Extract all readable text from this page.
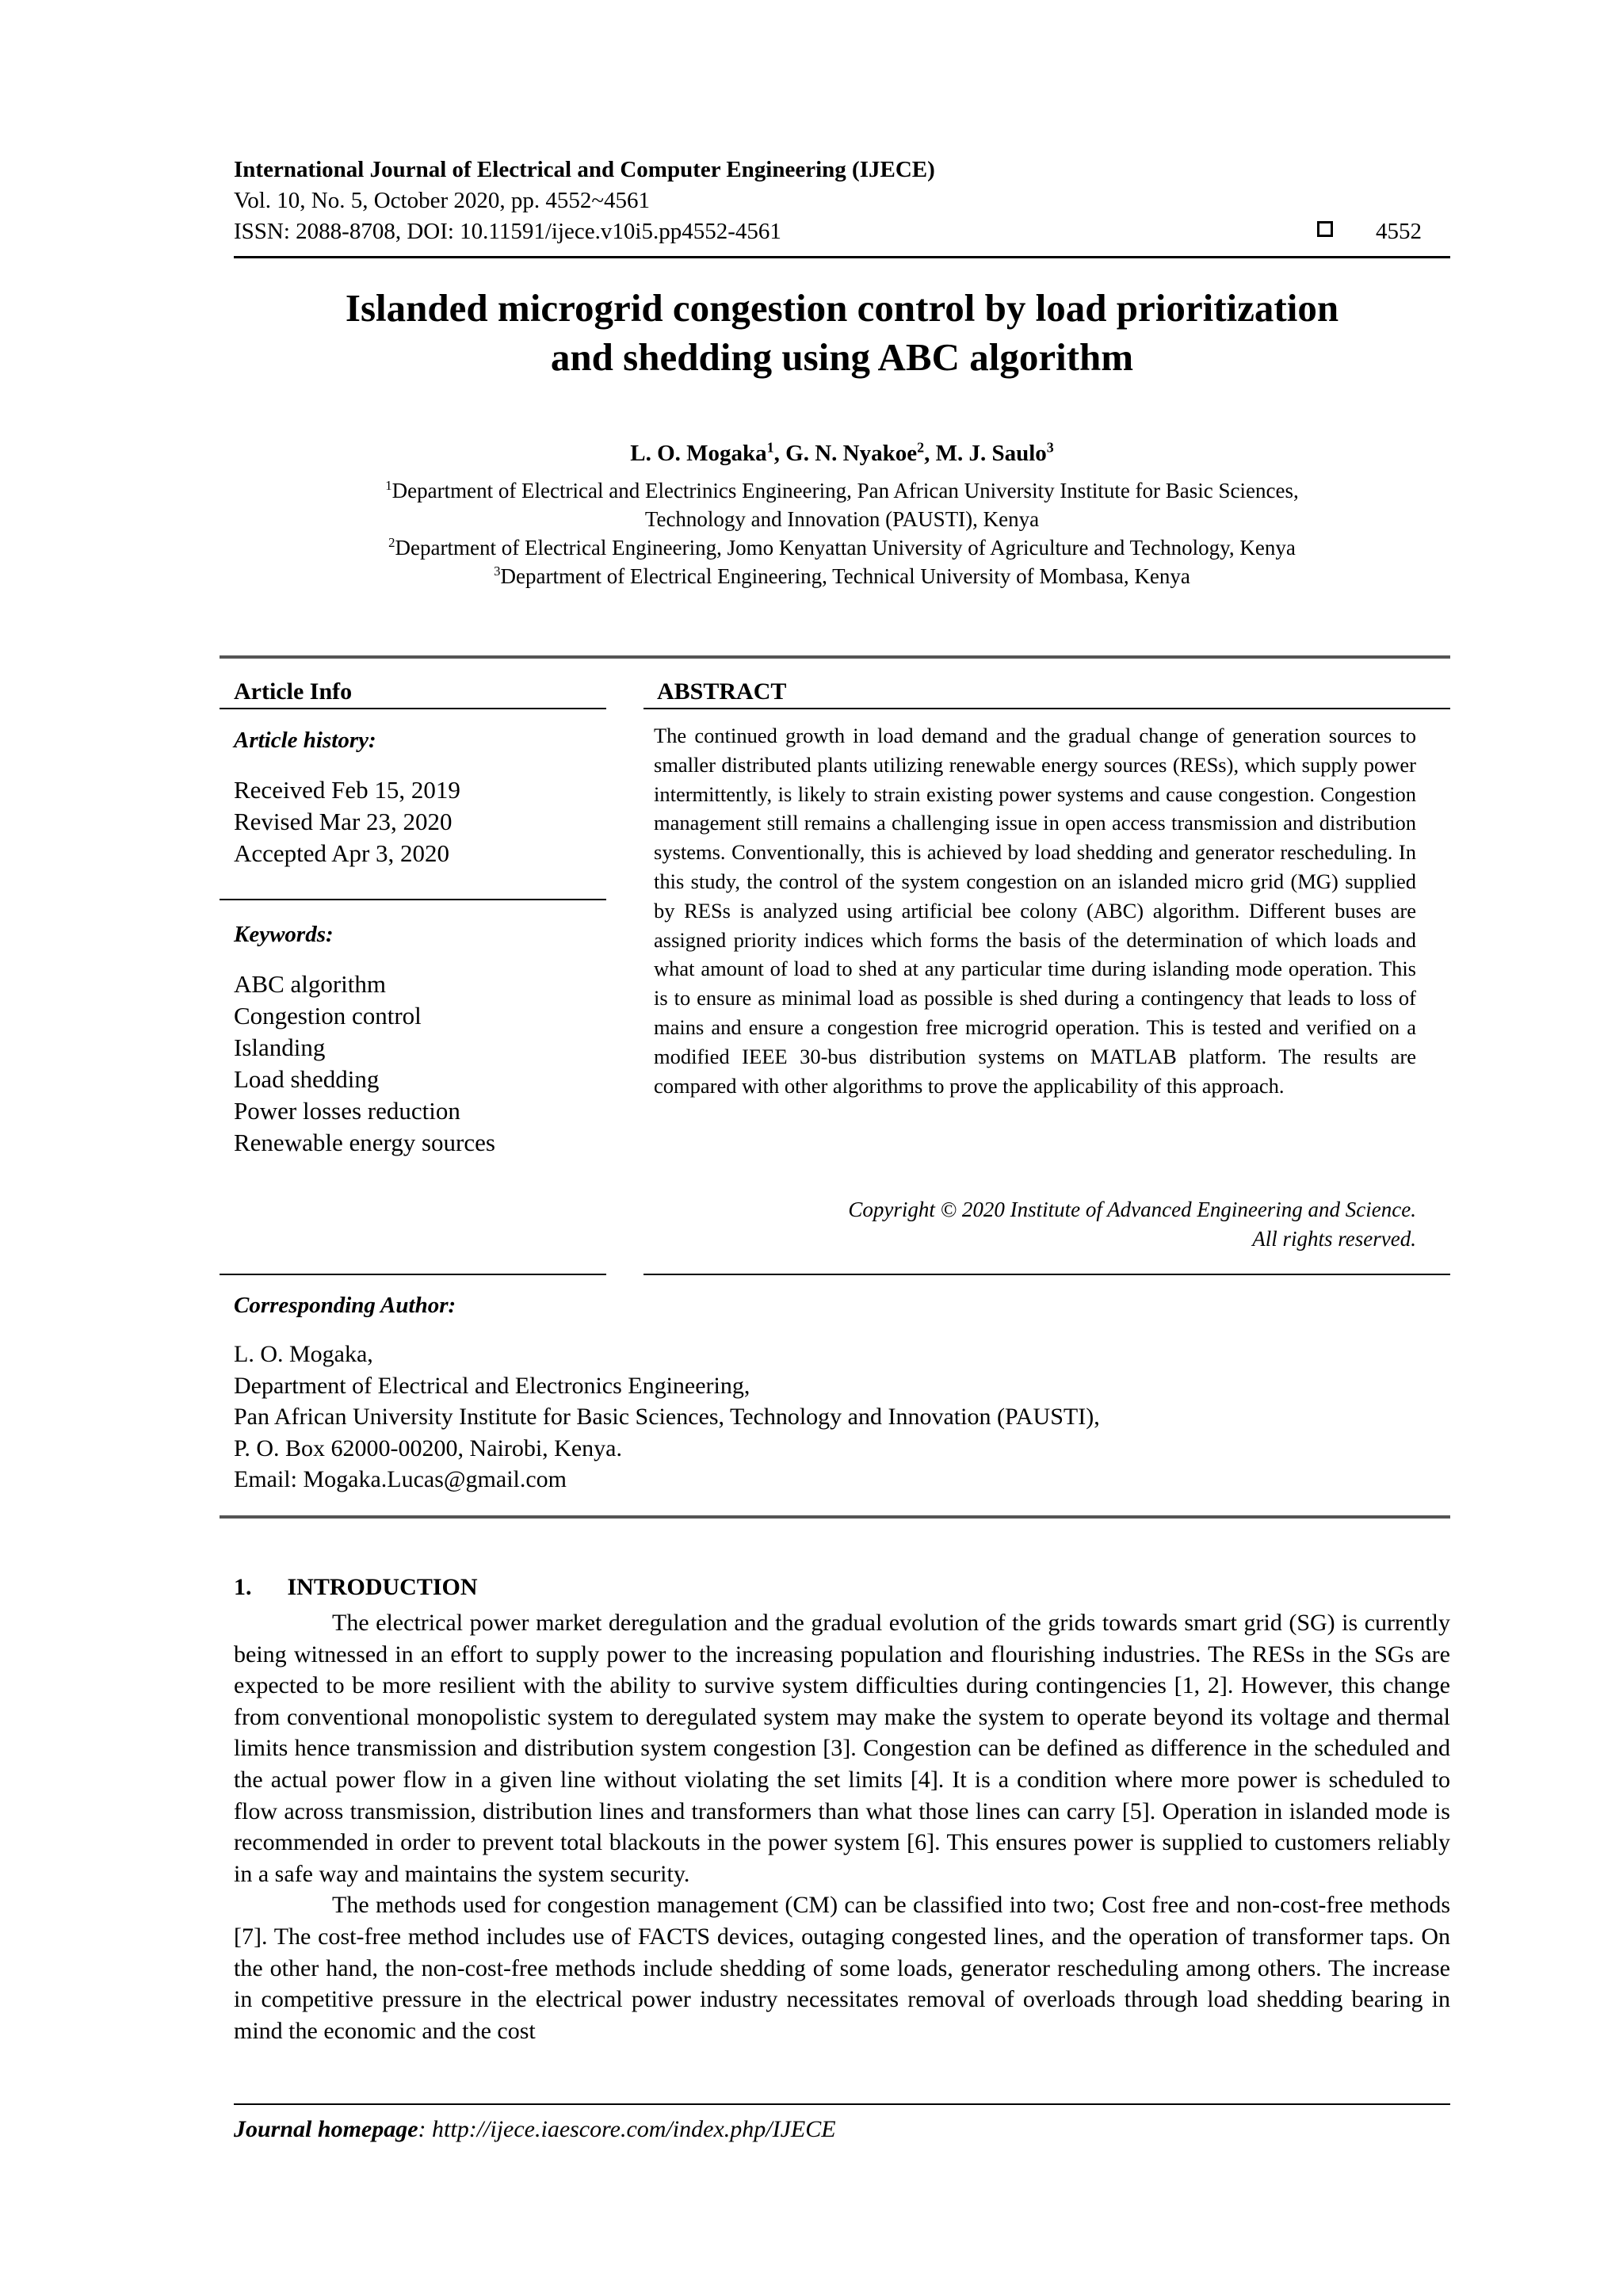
International Journal of Electrical and Computer Engineering (IJECE)
Vol. 10, No. 5, October 2020, pp. 4552~4561
ISSN: 2088-8708, DOI: 10.11591/ijece.v10i5.pp4552-4561	4552
Islanded microgrid congestion control by load prioritization
and shedding using ABC algorithm
L. O. Mogaka$^1$, G. N. Nyakoe$^2$, M. J. Saulo$^3$
$^1$Department of Electrical and Electrinics Engineering, Pan African University Institute for Basic Sciences,
Technology and Innovation (PAUSTI), Kenya
$^2$Department of Electrical Engineering, Jomo Kenyattan University of Agriculture and Technology, Kenya
$^3$Department of Electrical Engineering, Technical University of Mombasa, Kenya
Article Info	ABSTRACT
Article history:
Received Feb 15, 2019
Revised Mar 23, 2020
Accepted Apr 3, 2020
Keywords:
ABC algorithm
Congestion control
Islanding
Load shedding
Power losses reduction
Renewable energy sources
The continued growth in load demand and the gradual change of generation sources to smaller distributed plants utilizing renewable energy sources (RESs), which supply power intermittently, is likely to strain existing power systems and cause congestion. Congestion management still remains a challenging issue in open access transmission and distribution systems. Conventionally, this is achieved by load shedding and generator rescheduling. In this study, the control of the system congestion on an islanded micro grid (MG) supplied by RESs is analyzed using artificial bee colony (ABC) algorithm. Different buses are assigned priority indices which forms the basis of the determination of which loads and what amount of load to shed at any particular time during islanding mode operation. This is to ensure as minimal load as possible is shed during a contingency that leads to loss of mains and ensure a congestion free microgrid operation. This is tested and verified on a modified IEEE 30-bus distribution systems on MATLAB platform. The results are compared with other algorithms to prove the applicability of this approach.
Copyright © 2020 Institute of Advanced Engineering and Science.
All rights reserved.
Corresponding Author:
L. O. Mogaka,
Department of Electrical and Electronics Engineering,
Pan African University Institute for Basic Sciences, Technology and Innovation (PAUSTI),
P. O. Box 62000-00200, Nairobi, Kenya.
Email: Mogaka.Lucas@gmail.com
1.  INTRODUCTION

The electrical power market deregulation and the gradual evolution of the grids towards smart grid (SG) is currently being witnessed in an effort to supply power to the increasing population and flourishing industries. The RESs in the SGs are expected to be more resilient with the ability to survive system difficulties during contingencies [1, 2]. However, this change from conventional monopolistic system to deregulated system may make the system to operate beyond its voltage and thermal limits hence transmission and distribution system congestion [3]. Congestion can be defined as difference in the scheduled and the actual power flow in a given line without violating the set limits [4]. It is a condition where more power is scheduled to flow across transmission, distribution lines and transformers than what those lines can carry [5]. Operation in islanded mode is recommended in order to prevent total blackouts in the power system [6]. This ensures power is supplied to customers reliably in a safe way and maintains the system security.

The methods used for congestion management (CM) can be classified into two; Cost free and non-cost-free methods [7]. The cost-free method includes use of FACTS devices, outaging congested lines, and the operation of transformer taps. On the other hand, the non-cost-free methods include shedding of some loads, generator rescheduling among others. The increase in competitive pressure in the electrical power industry necessitates removal of overloads through load shedding bearing in mind the economic and the cost

Journal homepage: http://ijece.iaescore.com/index.php/IJECE
